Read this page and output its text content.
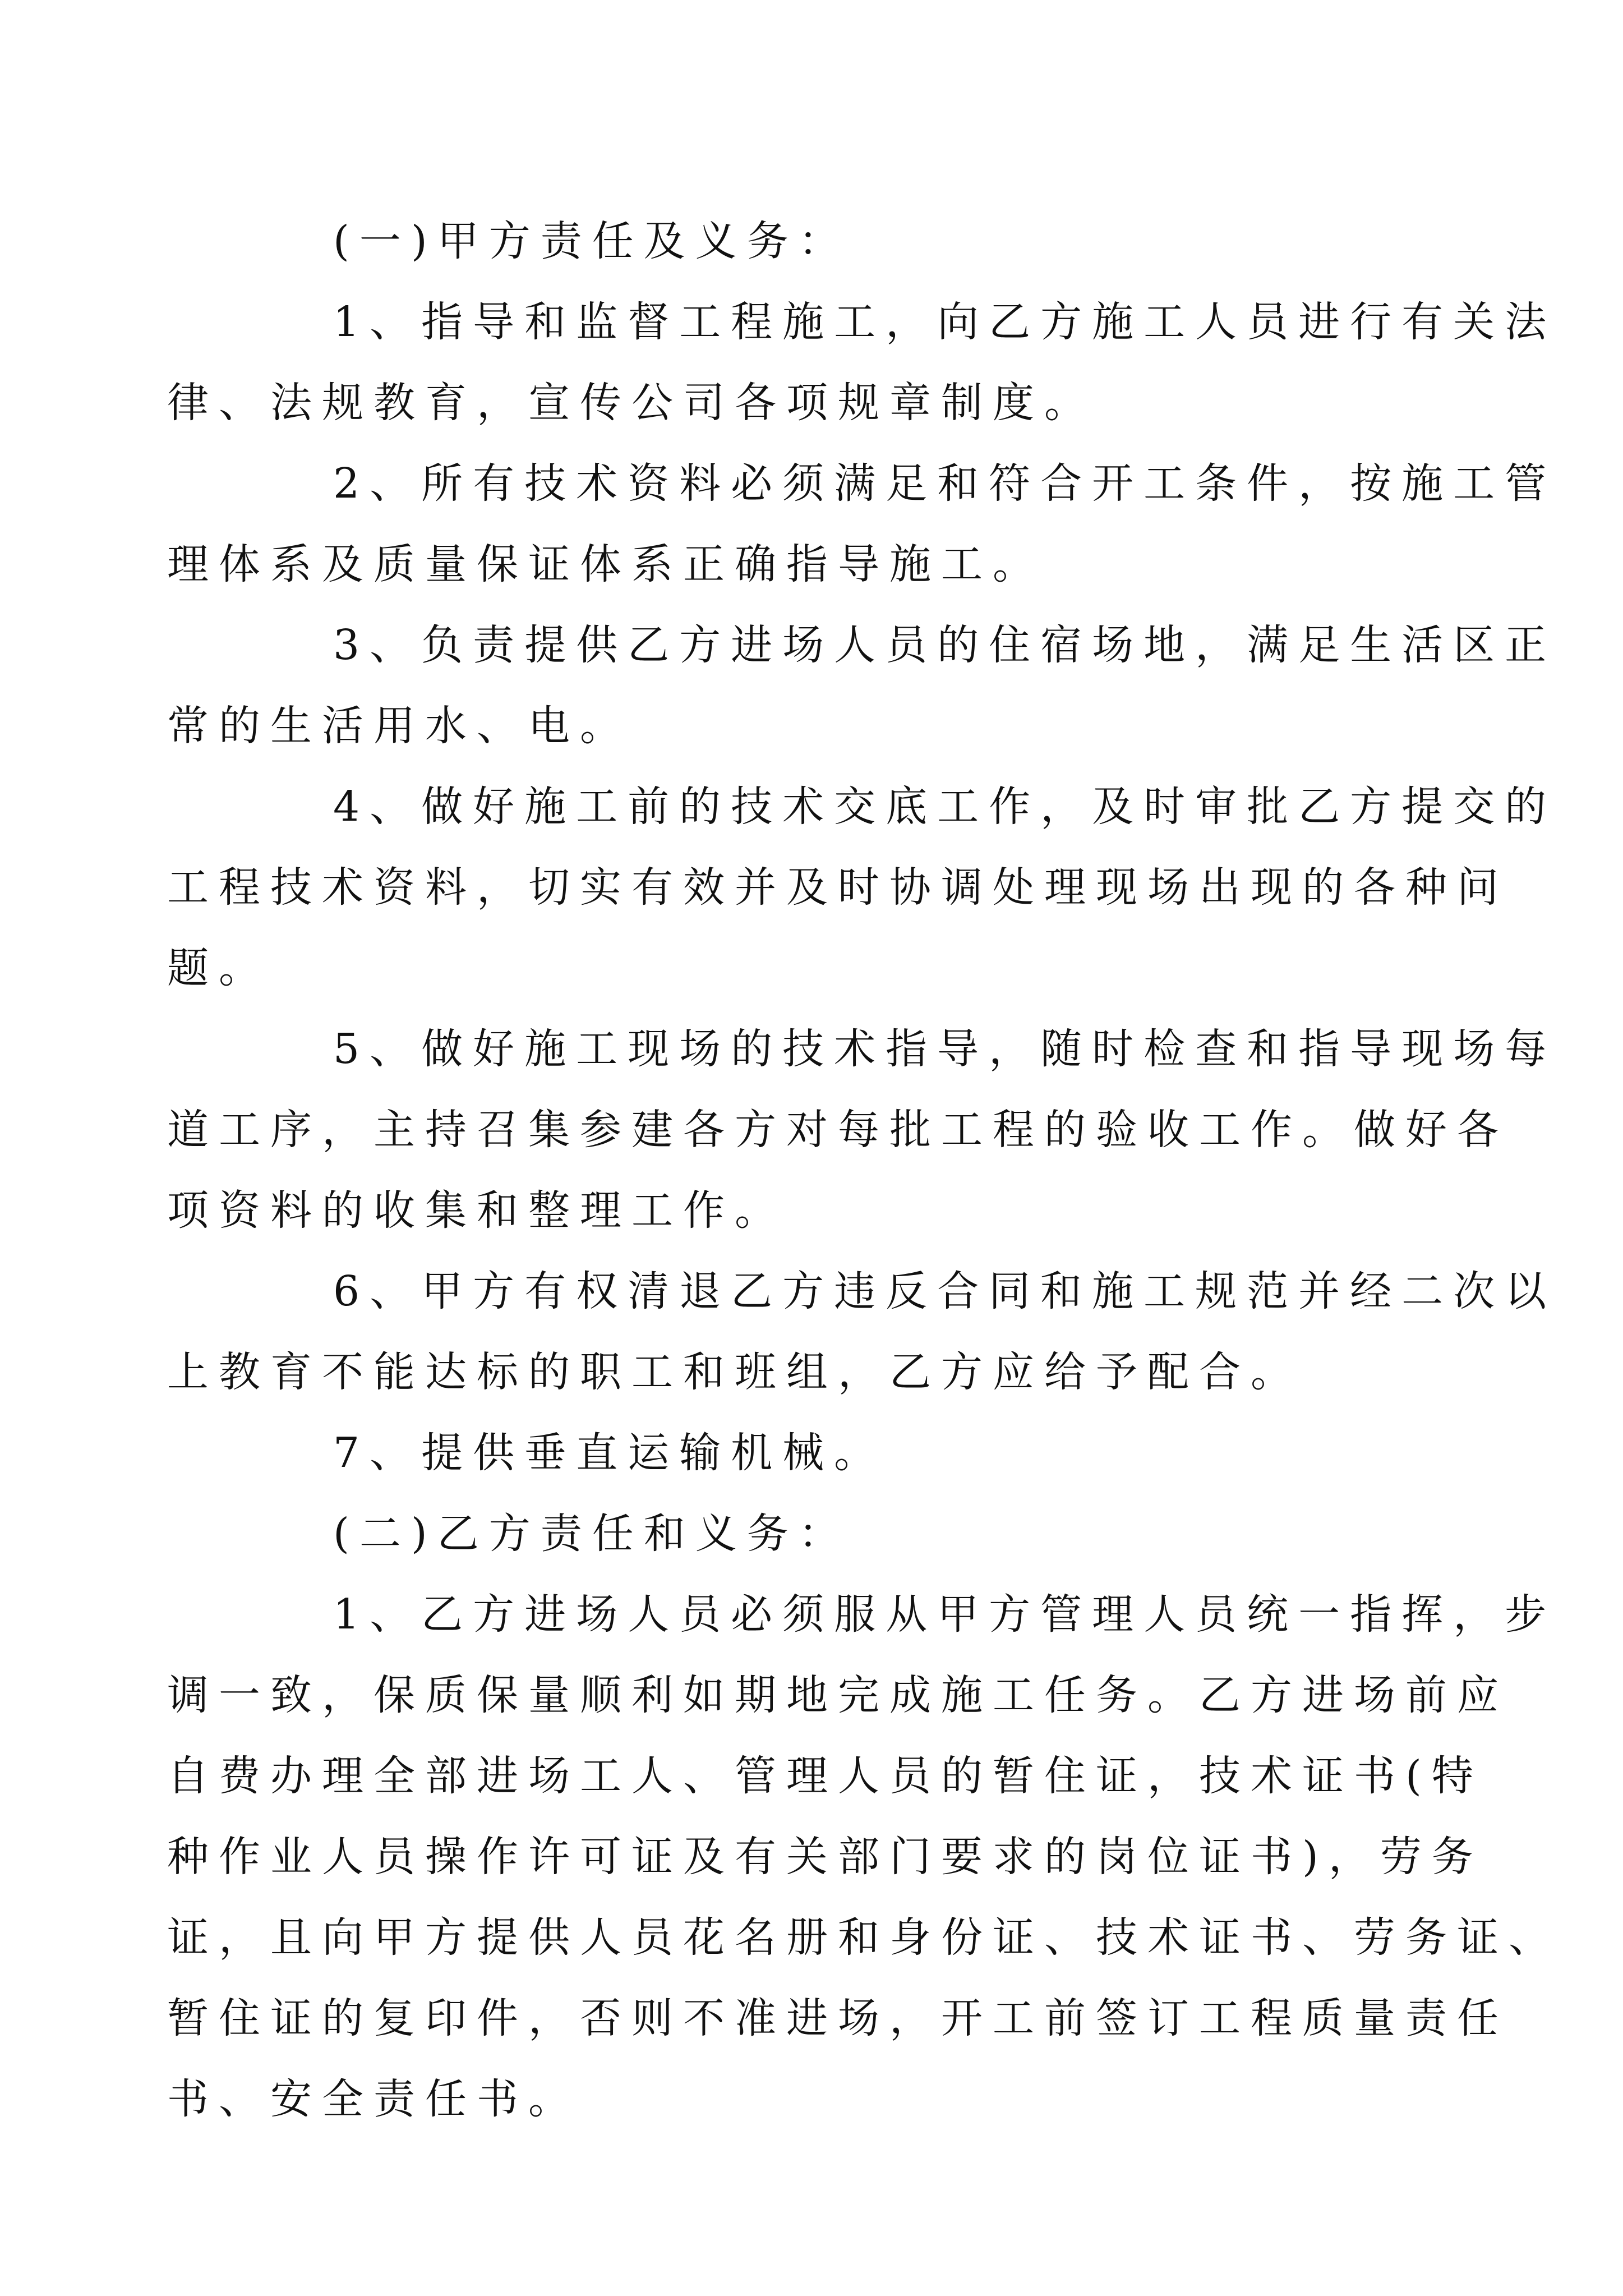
(一)甲方责任及义务：

1、指导和监督工程施工，向乙方施工人员进行有关法
律、法规教育，宣传公司各项规章制度。

2、所有技术资料必须满足和符合开工条件，按施工管
理体系及质量保证体系正确指导施工。

3、负责提供乙方进场人员的住宿场地，满足生活区正
常的生活用水、电。

4、做好施工前的技术交底工作，及时审批乙方提交的
工程技术资料，切实有效并及时协调处理现场出现的各种问
题。

5、做好施工现场的技术指导，随时检查和指导现场每
道工序，主持召集参建各方对每批工程的验收工作。做好各
项资料的收集和整理工作。

6、甲方有权清退乙方违反合同和施工规范并经二次以
上教育不能达标的职工和班组，乙方应给予配合。

7、提供垂直运输机械。

(二)乙方责任和义务：

1、乙方进场人员必须服从甲方管理人员统一指挥，步
调一致，保质保量顺利如期地完成施工任务。乙方进场前应
自费办理全部进场工人、管理人员的暂住证，技术证书(特
种作业人员操作许可证及有关部门要求的岗位证书)，劳务
证，且向甲方提供人员花名册和身份证、技术证书、劳务证、
暂住证的复印件，否则不准进场，开工前签订工程质量责任
书、安全责任书。
